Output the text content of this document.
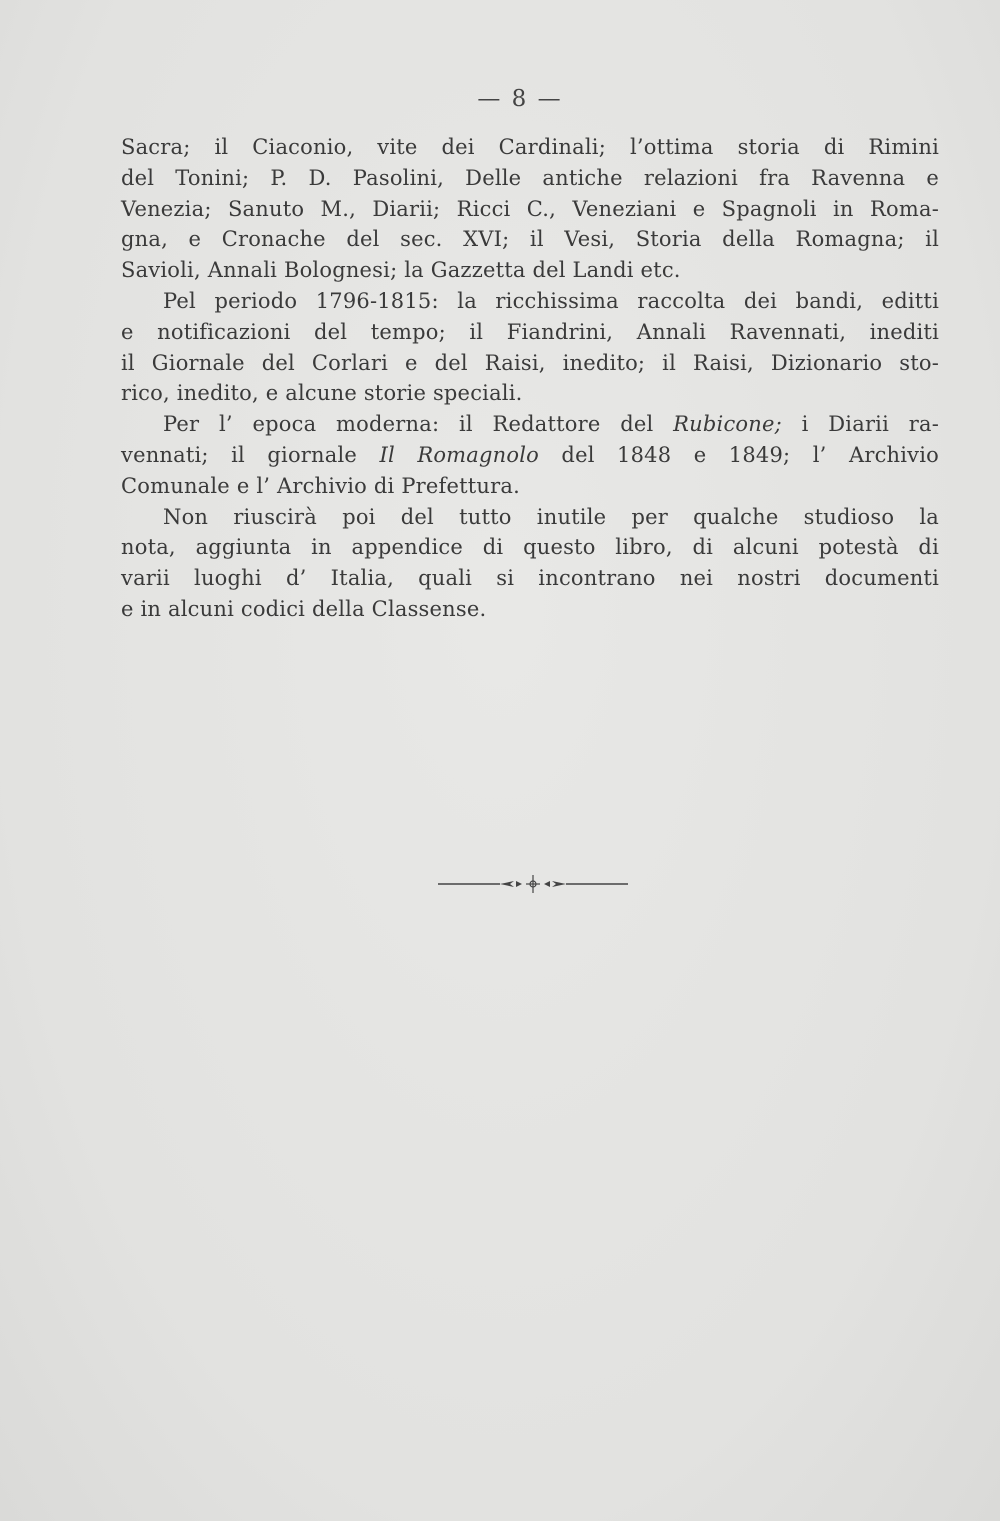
— 8 —
Sacra; il Ciaconio, vite dei Cardinali; l’ottima storia di Rimini
del Tonini; P. D. Pasolini, Delle antiche relazioni fra Ravenna e
Venezia; Sanuto M., Diarii; Ricci C., Veneziani e Spagnoli in Roma-
gna, e Cronache del sec. XVI; il Vesi, Storia della Romagna; il
Savioli, Annali Bolognesi; la Gazzetta del Landi etc.
Pel periodo 1796-1815: la ricchissima raccolta dei bandi, editti
e notificazioni del tempo; il Fiandrini, Annali Ravennati, inediti
il Giornale del Corlari e del Raisi, inedito; il Raisi, Dizionario sto-
rico, inedito, e alcune storie speciali.
Per l’ epoca moderna: il Redattore del Rubicone; i Diarii ra-
vennati; il giornale Il Romagnolo del 1848 e 1849; l’ Archivio
Comunale e l’ Archivio di Prefettura.
Non riuscirà poi del tutto inutile per qualche studioso la
nota, aggiunta in appendice di questo libro, di alcuni potestà di
varii luoghi d’ Italia, quali si incontrano nei nostri documenti
e in alcuni codici della Classense.
